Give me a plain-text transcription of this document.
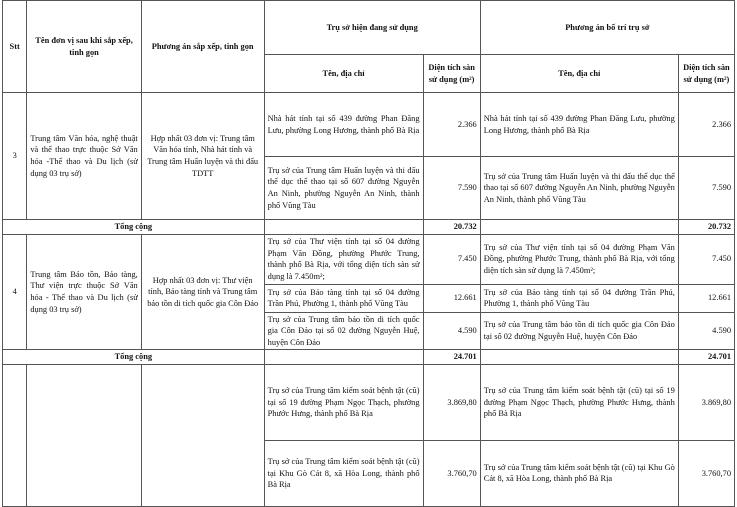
Stt	Tên đơn vị sau khi sắp xếp, tinh gọn	Phương án sắp xếp, tinh gọn	Trụ sở hiện đang sử dụng		Phương án bố trí trụ sở	
			Tên, địa chỉ	Diện tích sàn sử dụng (m²)	Tên, địa chỉ	Diện tích sàn sử dụng (m²)
3	Trung tâm Văn hóa, nghệ thuật và thể thao trực thuộc Sở Văn hóa -Thể thao và Du lịch (sử dụng 03 trụ sở)	Hợp nhất 03 đơn vị: Trung tâm Văn hóa tỉnh, Nhà hát tỉnh và Trung tâm Huấn luyện và thi đấu TDTT	Nhà hát tỉnh tại số 439 đường Phan Đăng Lưu, phường Long Hương, thành phố Bà Rịa	2.366	Nhà hát tỉnh tại số 439 đường Phan Đăng Lưu, phường Long Hương, thành phố Bà Rịa	2.366
			Trụ sở của Trung tâm Huấn luyện và thi đấu thể dục thể thao tại số 607 đường Nguyễn An Ninh, phường Nguyễn An Ninh, thành phố Vũng Tàu	7.590	Trụ sở của Trung tâm Huấn luyện và thi đấu thể dục thể thao tại số 607 đường Nguyễn An Ninh, phường Nguyễn An Ninh, thành phố Vũng Tàu	7.590
Tổng cộng				20.732		20.732
4	Trung tâm Bảo tồn, Bảo tàng, Thư viện trực thuộc Sở Văn hóa - Thể thao và Du lịch (sử dụng 03 trụ sở)	Hợp nhất 03 đơn vị: Thư viện tỉnh, Bảo tàng tỉnh và Trung tâm bảo tồn di tích quốc gia Côn Đảo	Trụ sở của Thư viện tỉnh tại số 04 đường Phạm Văn Đồng, phường Phước Trung, thành phố Bà Rịa, với tổng diện tích sàn sử dụng là 7.450m²;	7.450	Trụ sở của Thư viện tỉnh tại số 04 đường Phạm Văn Đồng, phường Phước Trung, thành phố Bà Rịa, với tổng diện tích sàn sử dụng là 7.450m²;	7.450
			Trụ sở của Bảo tàng tỉnh tại số 04 đường Trần Phú, Phường 1, thành phố Vũng Tàu	12.661	Trụ sở của Bảo tàng tỉnh tại số 04 đường Trần Phú, Phường 1, thành phố Vũng Tàu	12.661
			Trụ sở của Trung tâm bảo tồn di tích quốc gia Côn Đảo tại số 02 đường Nguyễn Huệ, huyện Côn Đảo	4.590	Trụ sở của Trung tâm bảo tồn di tích quốc gia Côn Đảo tại số 02 đường Nguyễn Huệ, huyện Côn Đảo	4.590
Tổng cộng				24.701		24.701
			Trụ sở của Trung tâm kiểm soát bệnh tật (cũ) tại số 19 đường Phạm Ngọc Thạch, phường Phước Hưng, thành phố Bà Rịa	3.869,80	Trụ sở của Trung tâm kiểm soát bệnh tật (cũ) tại số 19 đường Phạm Ngọc Thạch, phường Phước Hưng, thành phố Bà Rịa	3.869,80
			Trụ sở của Trung tâm kiểm soát bệnh tật (cũ) tại Khu Gò Cát 8, xã Hòa Long, thành phố Bà Rịa	3.760,70	Trụ sở của Trung tâm kiểm soát bệnh tật (cũ) tại Khu Gò Cát 8, xã Hòa Long, thành phố Bà Rịa	3.760,70
